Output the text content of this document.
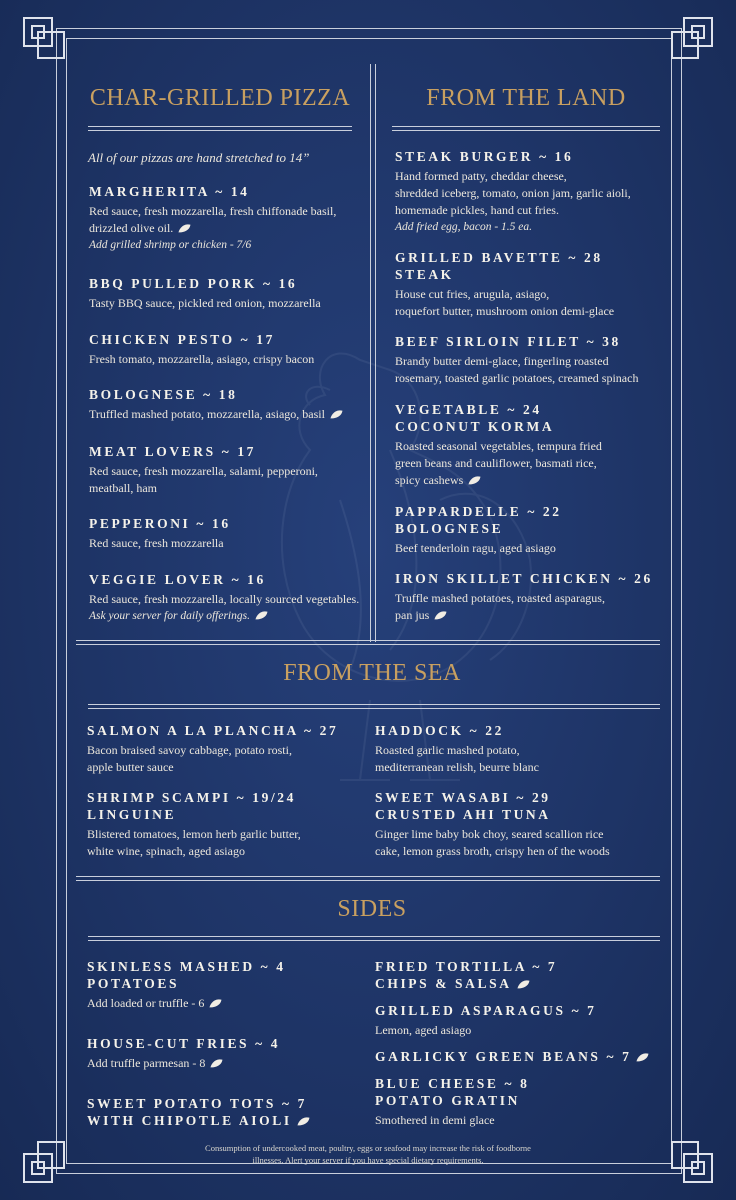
CHAR-GRILLED PIZZA	FROM THE LAND
FROM THE SEA
SIDES
All of our pizzas are hand stretched to 14”
MARGHERITA ~ 14
Red sauce, fresh mozzarella, fresh chiffonade basil,
drizzled olive oil.
Add grilled shrimp or chicken - 7/6
BBQ PULLED PORK ~ 16
Tasty BBQ sauce, pickled red onion, mozzarella
CHICKEN PESTO ~ 17
Fresh tomato, mozzarella, asiago, crispy bacon
BOLOGNESE ~ 18
Truffled mashed potato, mozzarella, asiago, basil
MEAT LOVERS ~ 17
Red sauce, fresh mozzarella, salami, pepperoni,
meatball, ham
PEPPERONI ~ 16
Red sauce, fresh mozzarella
VEGGIE LOVER ~ 16
Red sauce, fresh mozzarella, locally sourced vegetables.
Ask your server for daily offerings.
STEAK BURGER ~ 16
Hand formed patty, cheddar cheese,
shredded iceberg, tomato, onion jam, garlic aioli,
homemade pickles, hand cut fries.
Add fried egg, bacon - 1.5 ea.
GRILLED BAVETTE ~ 28
STEAK
House cut fries, arugula, asiago,
roquefort butter, mushroom onion demi-glace
BEEF SIRLOIN FILET ~ 38
Brandy butter demi-glace, fingerling roasted
rosemary, toasted garlic potatoes, creamed spinach
VEGETABLE ~ 24
COCONUT KORMA
Roasted seasonal vegetables, tempura fried
green beans and cauliflower, basmati rice,
spicy cashews
PAPPARDELLE ~ 22
BOLOGNESE
Beef tenderloin ragu, aged asiago
IRON SKILLET CHICKEN ~ 26
Truffle mashed potatoes, roasted asparagus,
pan jus
SALMON A LA PLANCHA ~ 27
Bacon braised savoy cabbage, potato rosti,
apple butter sauce
HADDOCK ~ 22
Roasted garlic mashed potato,
mediterranean relish, beurre blanc
SHRIMP SCAMPI ~ 19/24
LINGUINE
Blistered tomatoes, lemon herb garlic butter,
white wine, spinach, aged asiago
SWEET WASABI ~ 29
CRUSTED AHI TUNA
Ginger lime baby bok choy, seared scallion rice
cake, lemon grass broth, crispy hen of the woods
SKINLESS MASHED ~ 4
POTATOES
Add loaded or truffle - 6
HOUSE-CUT FRIES ~ 4
Add truffle parmesan - 8
SWEET POTATO TOTS ~ 7
WITH CHIPOTLE AIOLI
FRIED TORTILLA ~ 7
CHIPS & SALSA
GRILLED ASPARAGUS ~ 7
Lemon, aged asiago
GARLICKY GREEN BEANS ~ 7
BLUE CHEESE ~ 8
POTATO GRATIN
Smothered in demi glace
Consumption of undercooked meat, poultry, eggs or seafood may increase the risk of foodborne
illnesses. Alert your server if you have special dietary requirements.
